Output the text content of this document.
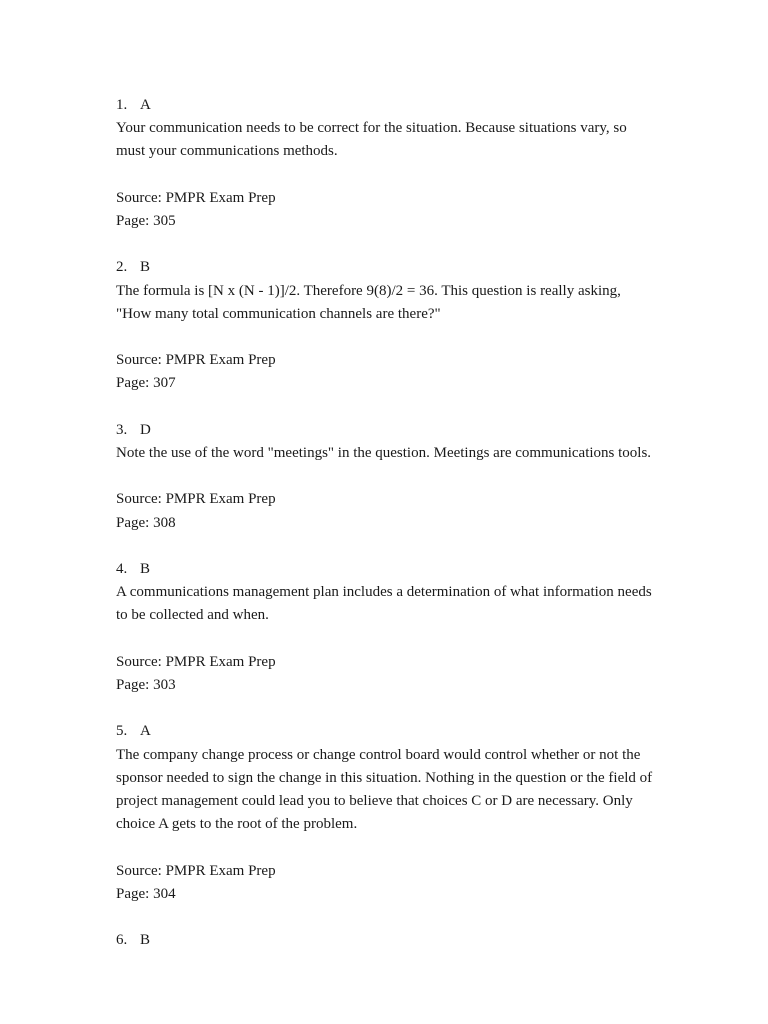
1. A
Your communication needs to be correct for the situation. Because situations vary, so must your communications methods.
Source: PMPR Exam Prep
Page: 305
2. B
The formula is [N x (N - 1)]/2. Therefore 9(8)/2 = 36. This question is really asking, "How many total communication channels are there?"
Source: PMPR Exam Prep
Page: 307
3. D
Note the use of the word "meetings" in the question. Meetings are communications tools.
Source: PMPR Exam Prep
Page: 308
4. B
A communications management plan includes a determination of what information needs to be collected and when.
Source: PMPR Exam Prep
Page: 303
5. A
The company change process or change control board would control whether or not the sponsor needed to sign the change in this situation. Nothing in the question or the field of project management could lead you to believe that choices C or D are necessary. Only choice A gets to the root of the problem.
Source: PMPR Exam Prep
Page: 304
6. B
